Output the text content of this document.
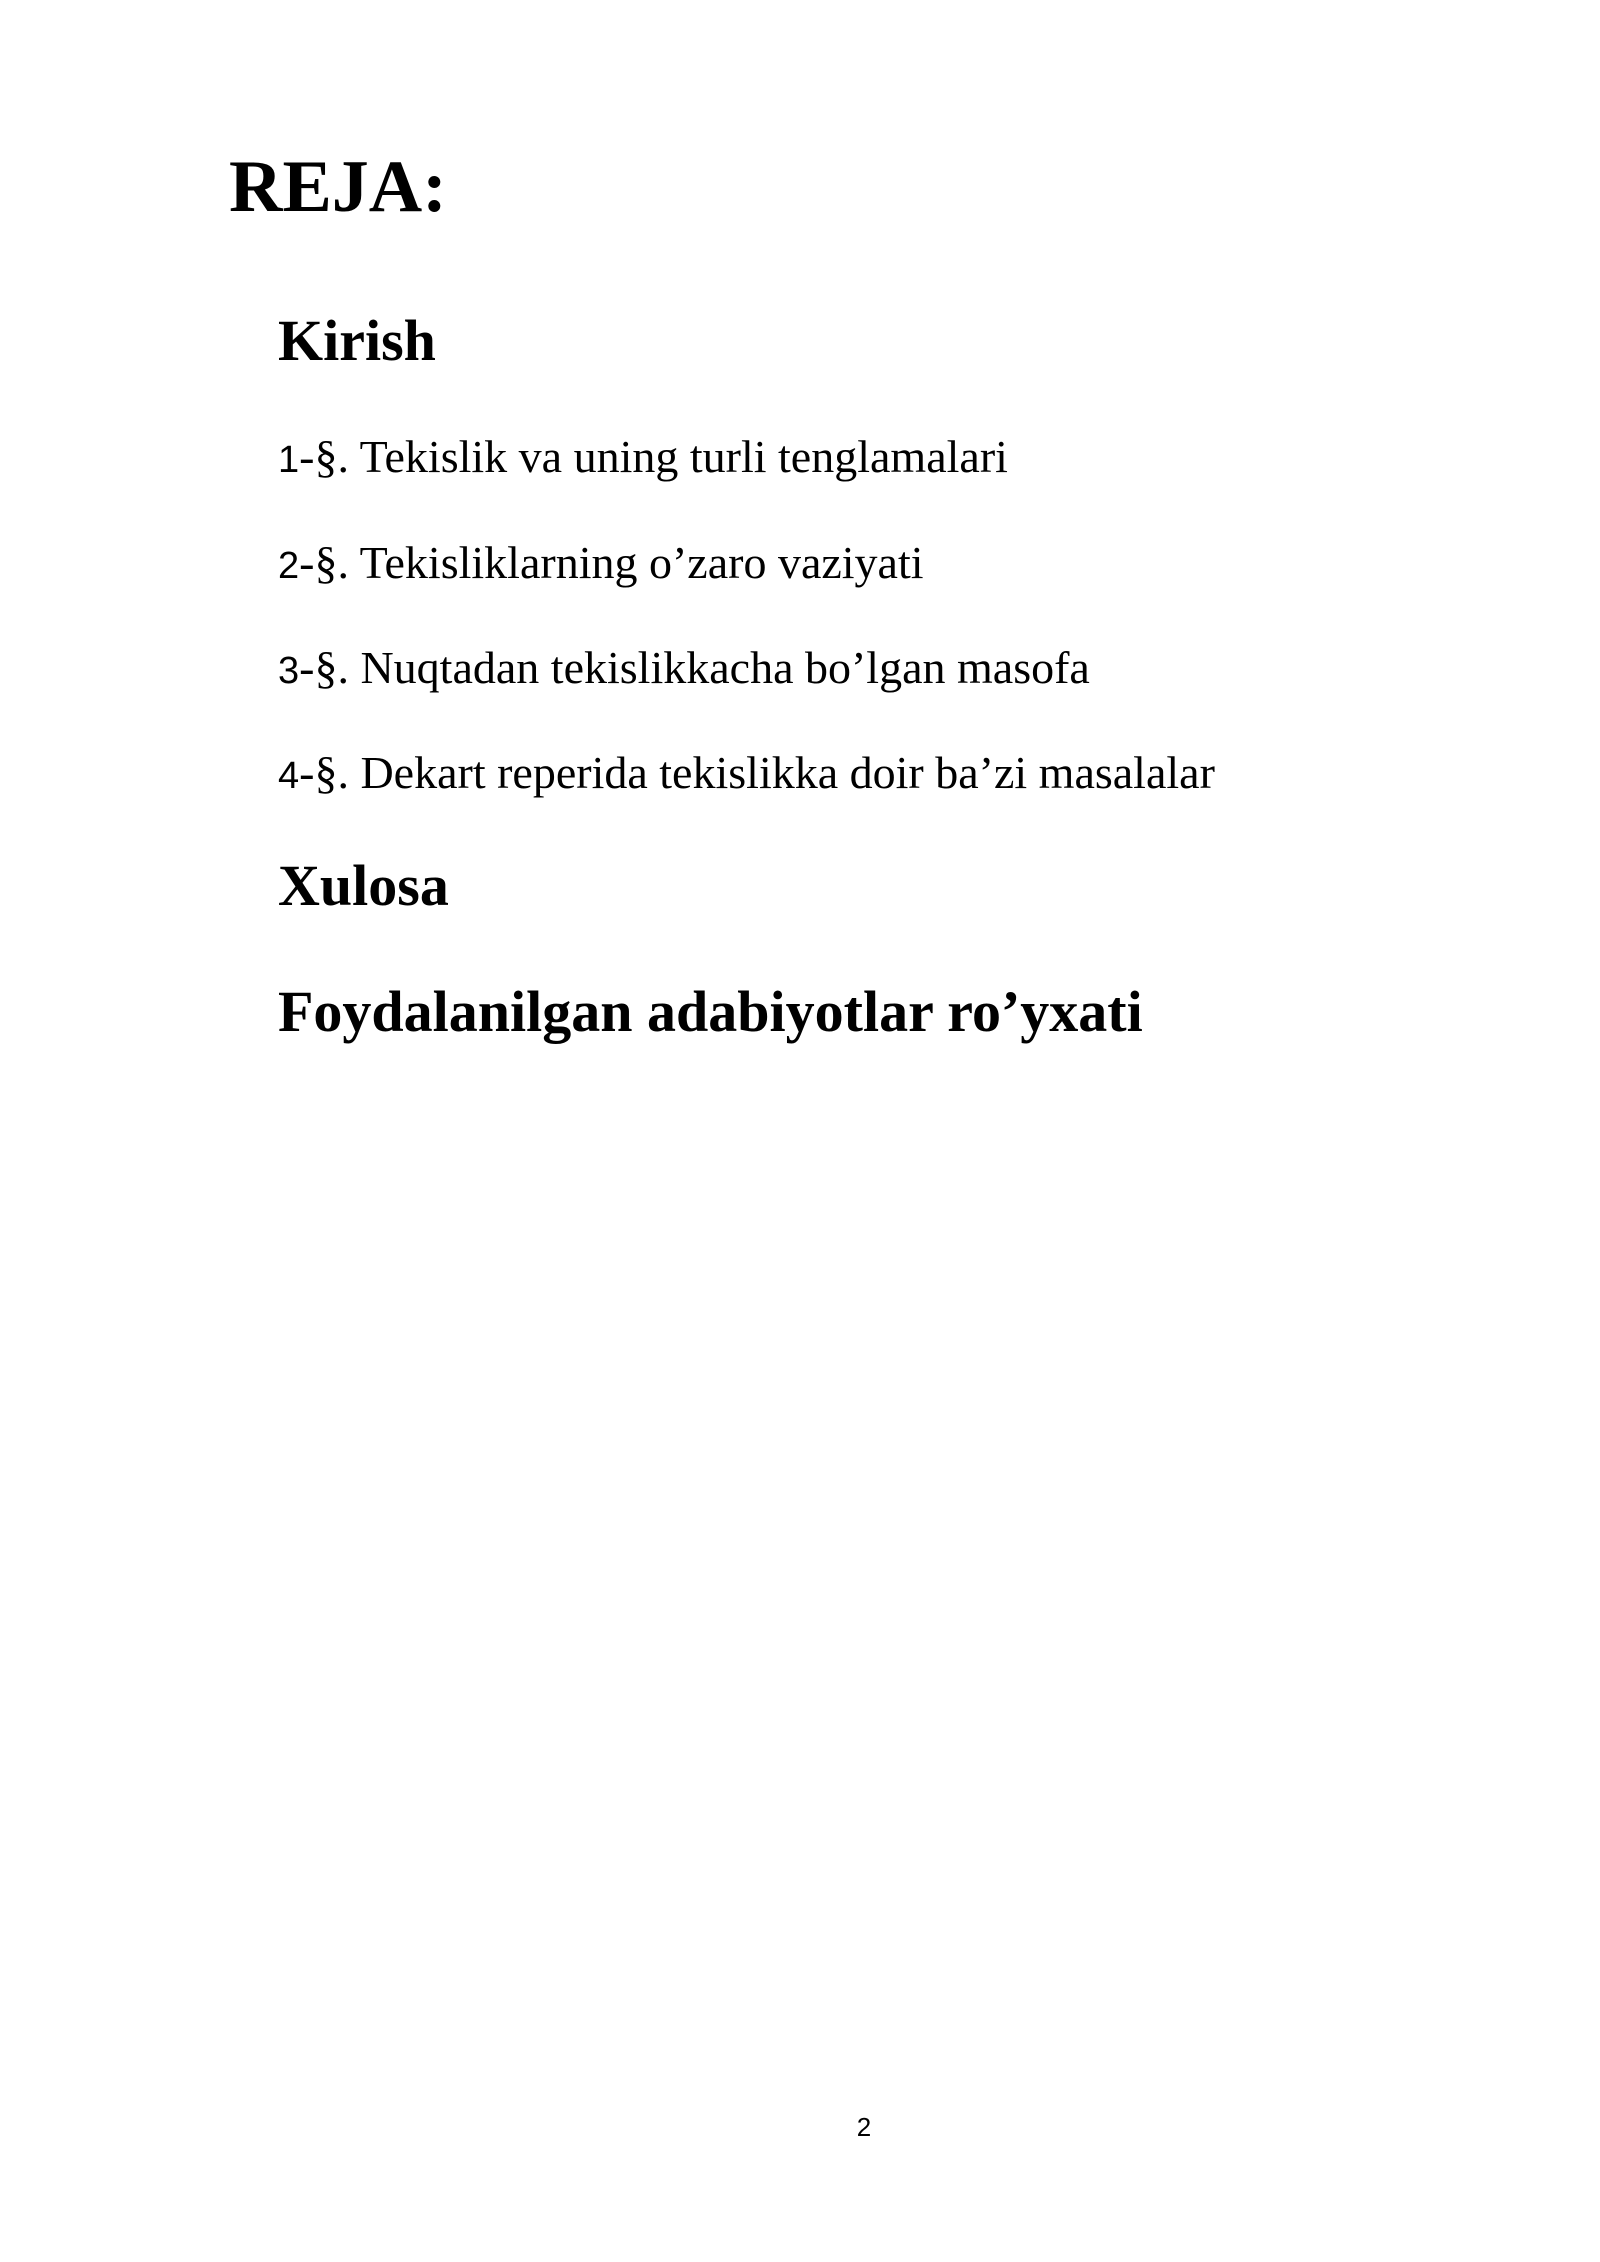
REJA:
Kirish
1-§. Tekislik va uning turli tenglamalari
2-§. Tekisliklarning o’zaro vaziyati
3-§. Nuqtadan tekislikkacha bo’lgan masofa
4-§. Dekart reperida tekislikka doir ba’zi masalalar
Xulosa
Foydalanilgan adabiyotlar ro’yxati
2
